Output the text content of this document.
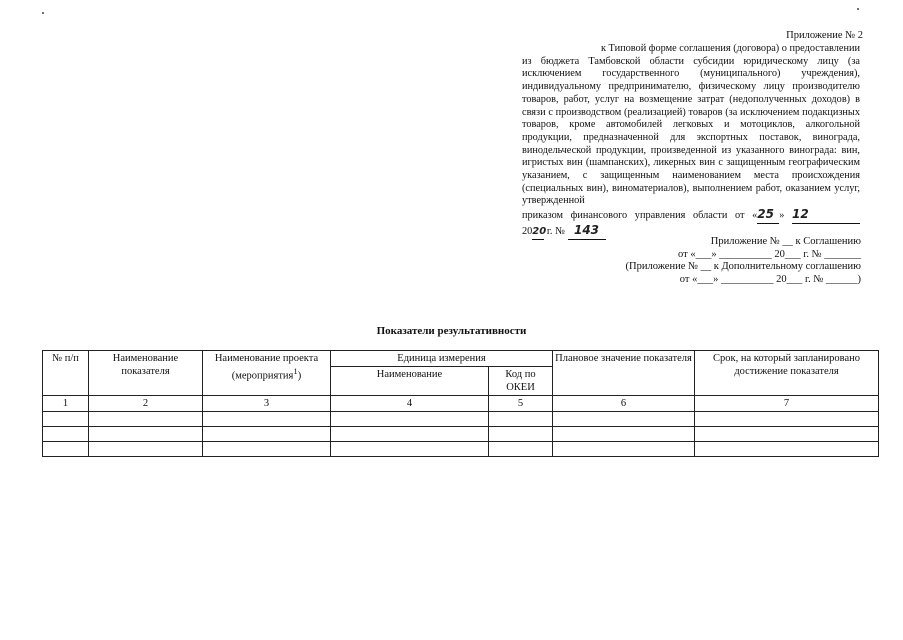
Приложение № 2

к Типовой форме соглашения (договора) о предоставлении
из бюджета Тамбовской области субсидии юридическому лицу (за исключением государственного (муниципального) учреждения), индивидуальному предпринимателю, физическому лицу производителю товаров, работ, услуг на возмещение затрат (недополученных доходов) в связи с производством (реализацией) товаров (за исключением подакцизных товаров, кроме автомобилей легковых и мотоциклов, алкогольной продукции, предназначенной для экспортных поставок, винограда, винодельческой продукции, произведенной из указанного винограда: вин, игристых вин (шампанских), ликерных вин с защищенным географическим указанием, с защищенным наименованием места происхождения (специальных вин), виноматериалов), выполнением работ, оказанием услуг, утвержденной
приказом финансового управления области от «25 » 12
2020 г. № 143
Приложение № __ к Соглашению
от «___» __________ 20___ г. № _______
(Приложение № __ к Дополнительному соглашению
от «___» __________ 20___ г. № ______)
Показатели результативности
№ п/п	Наименование показателя	Наименование проекта (мероприятия$^1$)	Единица измерения		Плановое значение показателя	Срок, на который запланировано достижение показателя
			Наименование	Код по ОКЕИ		
1	2	3	4	5	6	7
